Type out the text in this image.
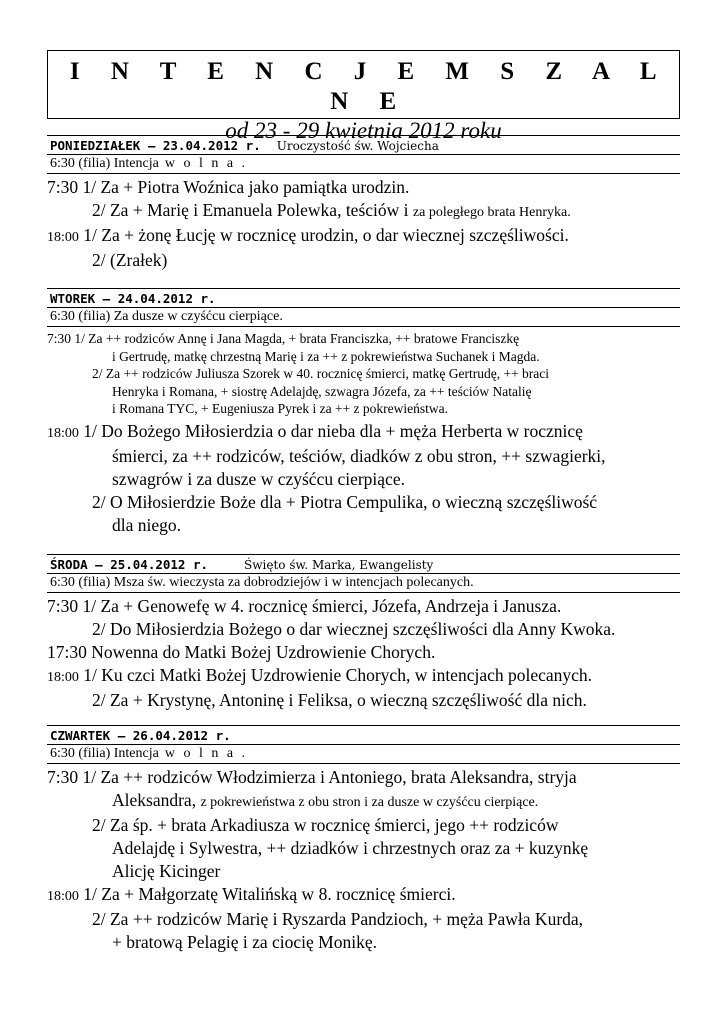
I N T E N C J E M S Z A L N E
od 23 - 29 kwietnia 2012 roku
PONIEDZIAŁEK – 23.04.2012 r. Uroczystość św. Wojciecha
6:30 (filia) Intencja w o l n a .
7:30 1/ Za + Piotra Woźnica jako pamiątka urodzin.
2/ Za + Marię i Emanuela Polewka, teściów i za poległego brata Henryka.
18:00 1/ Za + żonę Łucję w rocznicę urodzin, o dar wiecznej szczęśliwości.
2/ (Zrałek)
WTOREK – 24.04.2012 r.
6:30 (filia) Za dusze w czyśćcu cierpiące.
7:30 1/ Za ++ rodziców Annę i Jana Magda, + brata Franciszka, ++ bratowe Franciszkę
i Gertrudę, matkę chrzestną Marię i za ++ z pokrewieństwa Suchanek i Magda.
2/ Za ++ rodziców Juliusza Szorek w 40. rocznicę śmierci, matkę Gertrudę, ++ braci
Henryka i Romana, + siostrę Adelajdę, szwagra Józefa, za ++ teściów Natalię
i Romana TYC, + Eugeniusza Pyrek i za ++ z pokrewieństwa.
18:00 1/ Do Bożego Miłosierdzia o dar nieba dla + męża Herberta w rocznicę
śmierci, za ++ rodziców, teściów, diadków z obu stron, ++ szwagierki,
szwagrów i za dusze w czyśćcu cierpiące.
2/ O Miłosierdzie Boże dla + Piotra Cempulika, o wieczną szczęśliwość
dla niego.
ŚRODA – 25.04.2012 r.	Święto św. Marka, Ewangelisty
6:30 (filia) Msza św. wieczysta za dobrodziejów i w intencjach polecanych.
7:30 1/ Za + Genowefę w 4. rocznicę śmierci, Józefa, Andrzeja i Janusza.
2/ Do Miłosierdzia Bożego o dar wiecznej szczęśliwości dla Anny Kwoka.
17:30 Nowenna do Matki Bożej Uzdrowienie Chorych.
18:00 1/ Ku czci Matki Bożej Uzdrowienie Chorych, w intencjach polecanych.
2/ Za + Krystynę, Antoninę i Feliksa, o wieczną szczęśliwość dla nich.
CZWARTEK – 26.04.2012 r.
6:30 (filia) Intencja w o l n a .
7:30 1/ Za ++ rodziców Włodzimierza i Antoniego, brata Aleksandra, stryja
Aleksandra, z pokrewieństwa z obu stron i za dusze w czyśćcu cierpiące.
2/ Za śp. + brata Arkadiusza w rocznicę śmierci, jego ++ rodziców
Adelajdę i Sylwestra, ++ dziadków i chrzestnych oraz za + kuzynkę
Alicję Kicinger
18:00 1/ Za + Małgorzatę Witalińską w 8. rocznicę śmierci.
2/ Za ++ rodziców Marię i Ryszarda Pandzioch, + męża Pawła Kurda,
+ bratową Pelagię i za ciocię Monikę.
